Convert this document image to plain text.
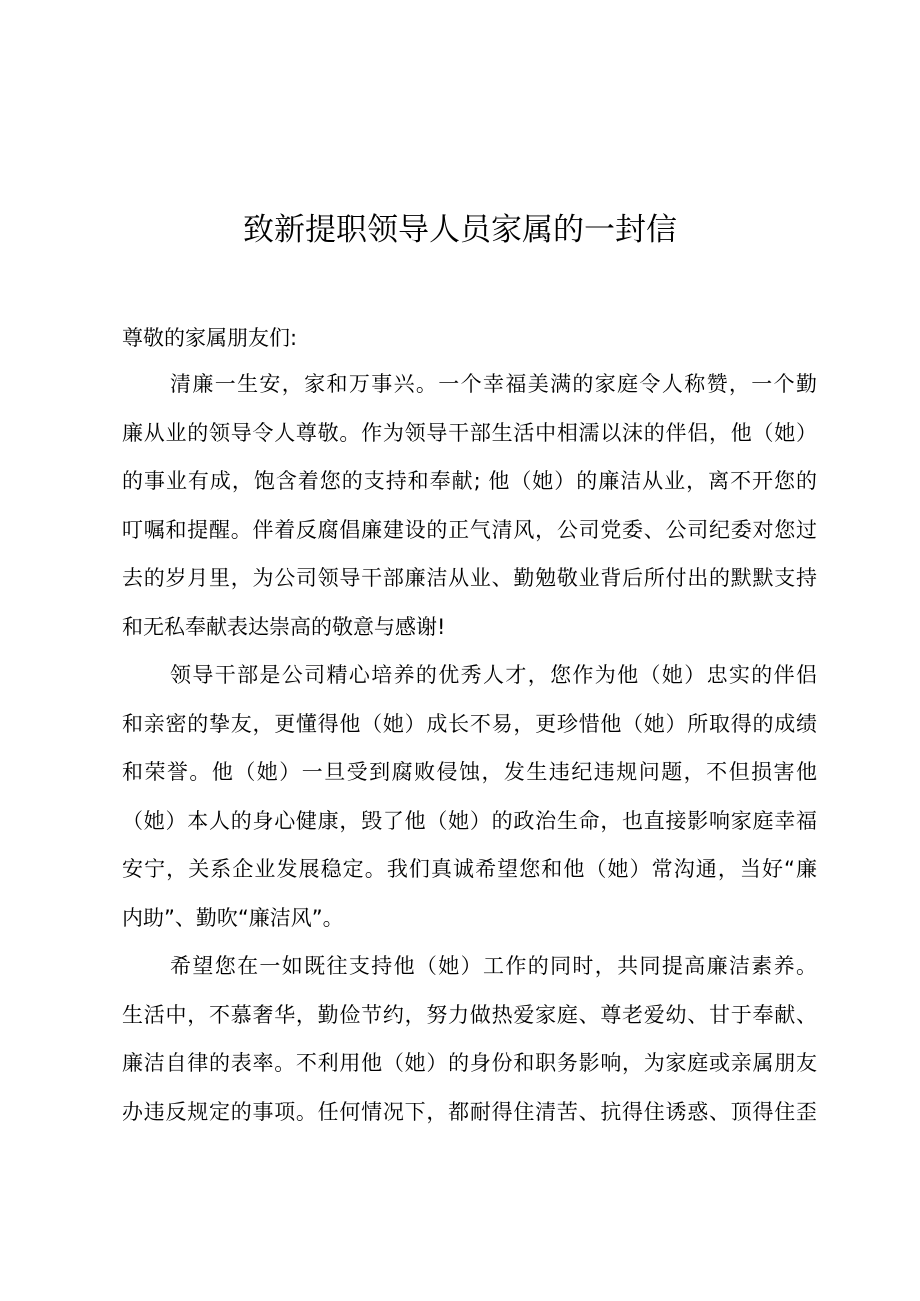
致新提职领导人员家属的一封信

尊敬的家属朋友们:

清廉一生安，家和万事兴。一个幸福美满的家庭令人称赞，一个勤
廉从业的领导令人尊敬。作为领导干部生活中相濡以沫的伴侣，他（她）
的事业有成，饱含着您的支持和奉献; 他（她）的廉洁从业，离不开您的
叮嘱和提醒。伴着反腐倡廉建设的正气清风，公司党委、公司纪委对您过
去的岁月里，为公司领导干部廉洁从业、勤勉敬业背后所付出的默默支持
和无私奉献表达崇高的敬意与感谢!

领导干部是公司精心培养的优秀人才，您作为他（她）忠实的伴侣
和亲密的挚友，更懂得他（她）成长不易，更珍惜他（她）所取得的成绩
和荣誉。他（她）一旦受到腐败侵蚀，发生违纪违规问题，不但损害他
（她）本人的身心健康，毁了他（她）的政治生命，也直接影响家庭幸福
安宁，关系企业发展稳定。我们真诚希望您和他（她）常沟通，当好“廉
内助”、勤吹“廉洁风”。

希望您在一如既往支持他（她）工作的同时，共同提高廉洁素养。
生活中，不慕奢华，勤俭节约，努力做热爱家庭、尊老爱幼、甘于奉献、
廉洁自律的表率。不利用他（她）的身份和职务影响，为家庭或亲属朋友
办违反规定的事项。任何情况下，都耐得住清苦、抗得住诱惑、顶得住歪
